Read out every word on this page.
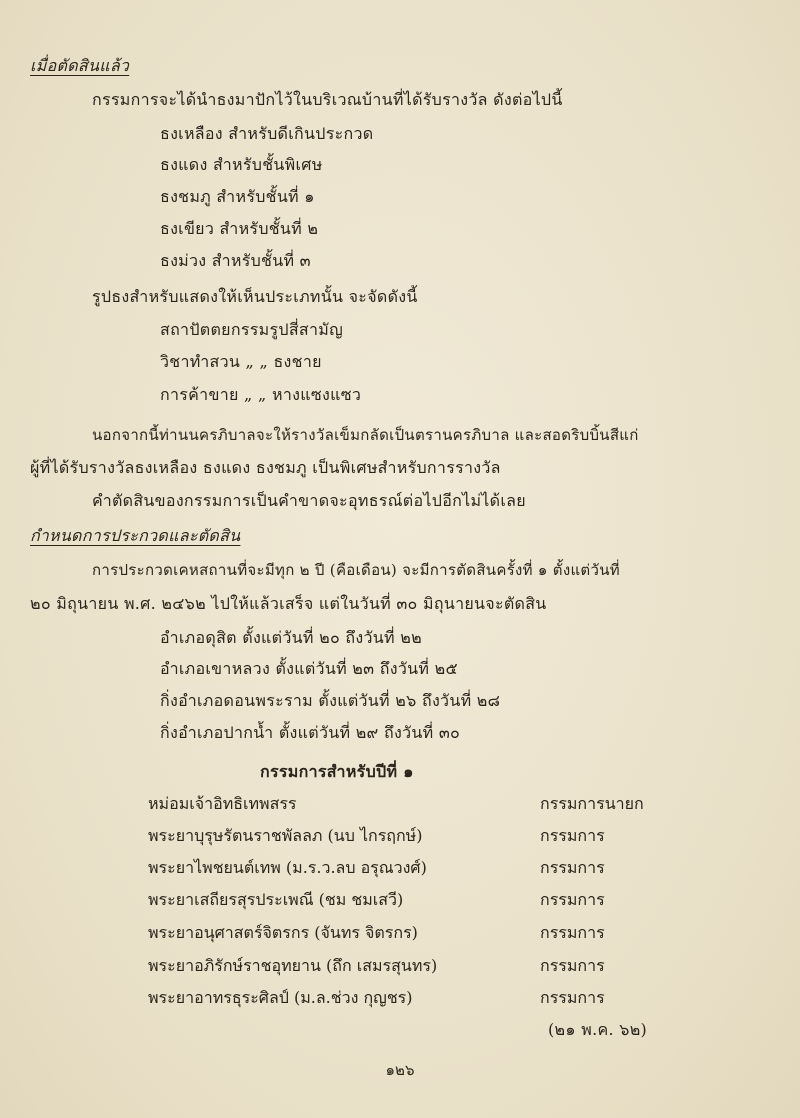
เมื่อตัดสินแล้ว
กรรมการจะได้นำธงมาปักไว้ในบริเวณบ้านที่ได้รับรางวัล ดังต่อไปนี้
ธงเหลือง สำหรับดีเกินประกวด
ธงแดง สำหรับชั้นพิเศษ
ธงชมภู สำหรับชั้นที่ ๑
ธงเขียว สำหรับชั้นที่ ๒
ธงม่วง สำหรับชั้นที่ ๓
รูปธงสำหรับแสดงให้เห็นประเภทนั้น จะจัดดังนี้
สถาปัตตยกรรมรูปสี่สามัญ
วิชาทำสวน „ „ ธงชาย
การค้าขาย „ „ หางแซงแซว
นอกจากนี้ท่านนครภิบาลจะให้รางวัลเข็มกลัดเป็นตรานครภิบาล และสอดริบบิ้นสีแก่
ผู้ที่ได้รับรางวัลธงเหลือง ธงแดง ธงชมภู เป็นพิเศษสำหรับการรางวัล
คำตัดสินของกรรมการเป็นคำขาดจะอุทธรณ์ต่อไปอีกไม่ได้เลย
กำหนดการประกวดและตัดสิน
การประกวดเคหสถานที่จะมีทุก ๒ ปี (คือเดือน) จะมีการตัดสินครั้งที่ ๑ ตั้งแต่วันที่
๒๐ มิถุนายน พ.ศ. ๒๔๖๒ ไปให้แล้วเสร็จ แต่ในวันที่ ๓๐ มิถุนายนจะตัดสิน
อำเภอดุสิต ตั้งแต่วันที่ ๒๐ ถึงวันที่ ๒๒
อำเภอเขาหลวง ตั้งแต่วันที่ ๒๓ ถึงวันที่ ๒๕
กิ่งอำเภอดอนพระราม ตั้งแต่วันที่ ๒๖ ถึงวันที่ ๒๘
กิ่งอำเภอปากน้ำ ตั้งแต่วันที่ ๒๙ ถึงวันที่ ๓๐
กรรมการสำหรับปีที่ ๑
หม่อมเจ้าอิทธิเทพสรร	กรรมการนายก
พระยาบุรุษรัตนราชพัลลภ (นบ ไกรฤกษ์)	กรรมการ
พระยาไพชยนต์เทพ (ม.ร.ว.ลบ อรุณวงศ์)	กรรมการ
พระยาเสถียรสุรประเพณี (ชม ชมเสวี)	กรรมการ
พระยาอนุศาสตร์จิตรกร (จันทร จิตรกร)	กรรมการ
พระยาอภิรักษ์ราชอุทยาน (ถึก เสมรสุนทร)	กรรมการ
พระยาอาทรธุระศิลป์ (ม.ล.ช่วง กุญชร)	กรรมการ
(๒๑ พ.ค. ๖๒)
๑๒๖
